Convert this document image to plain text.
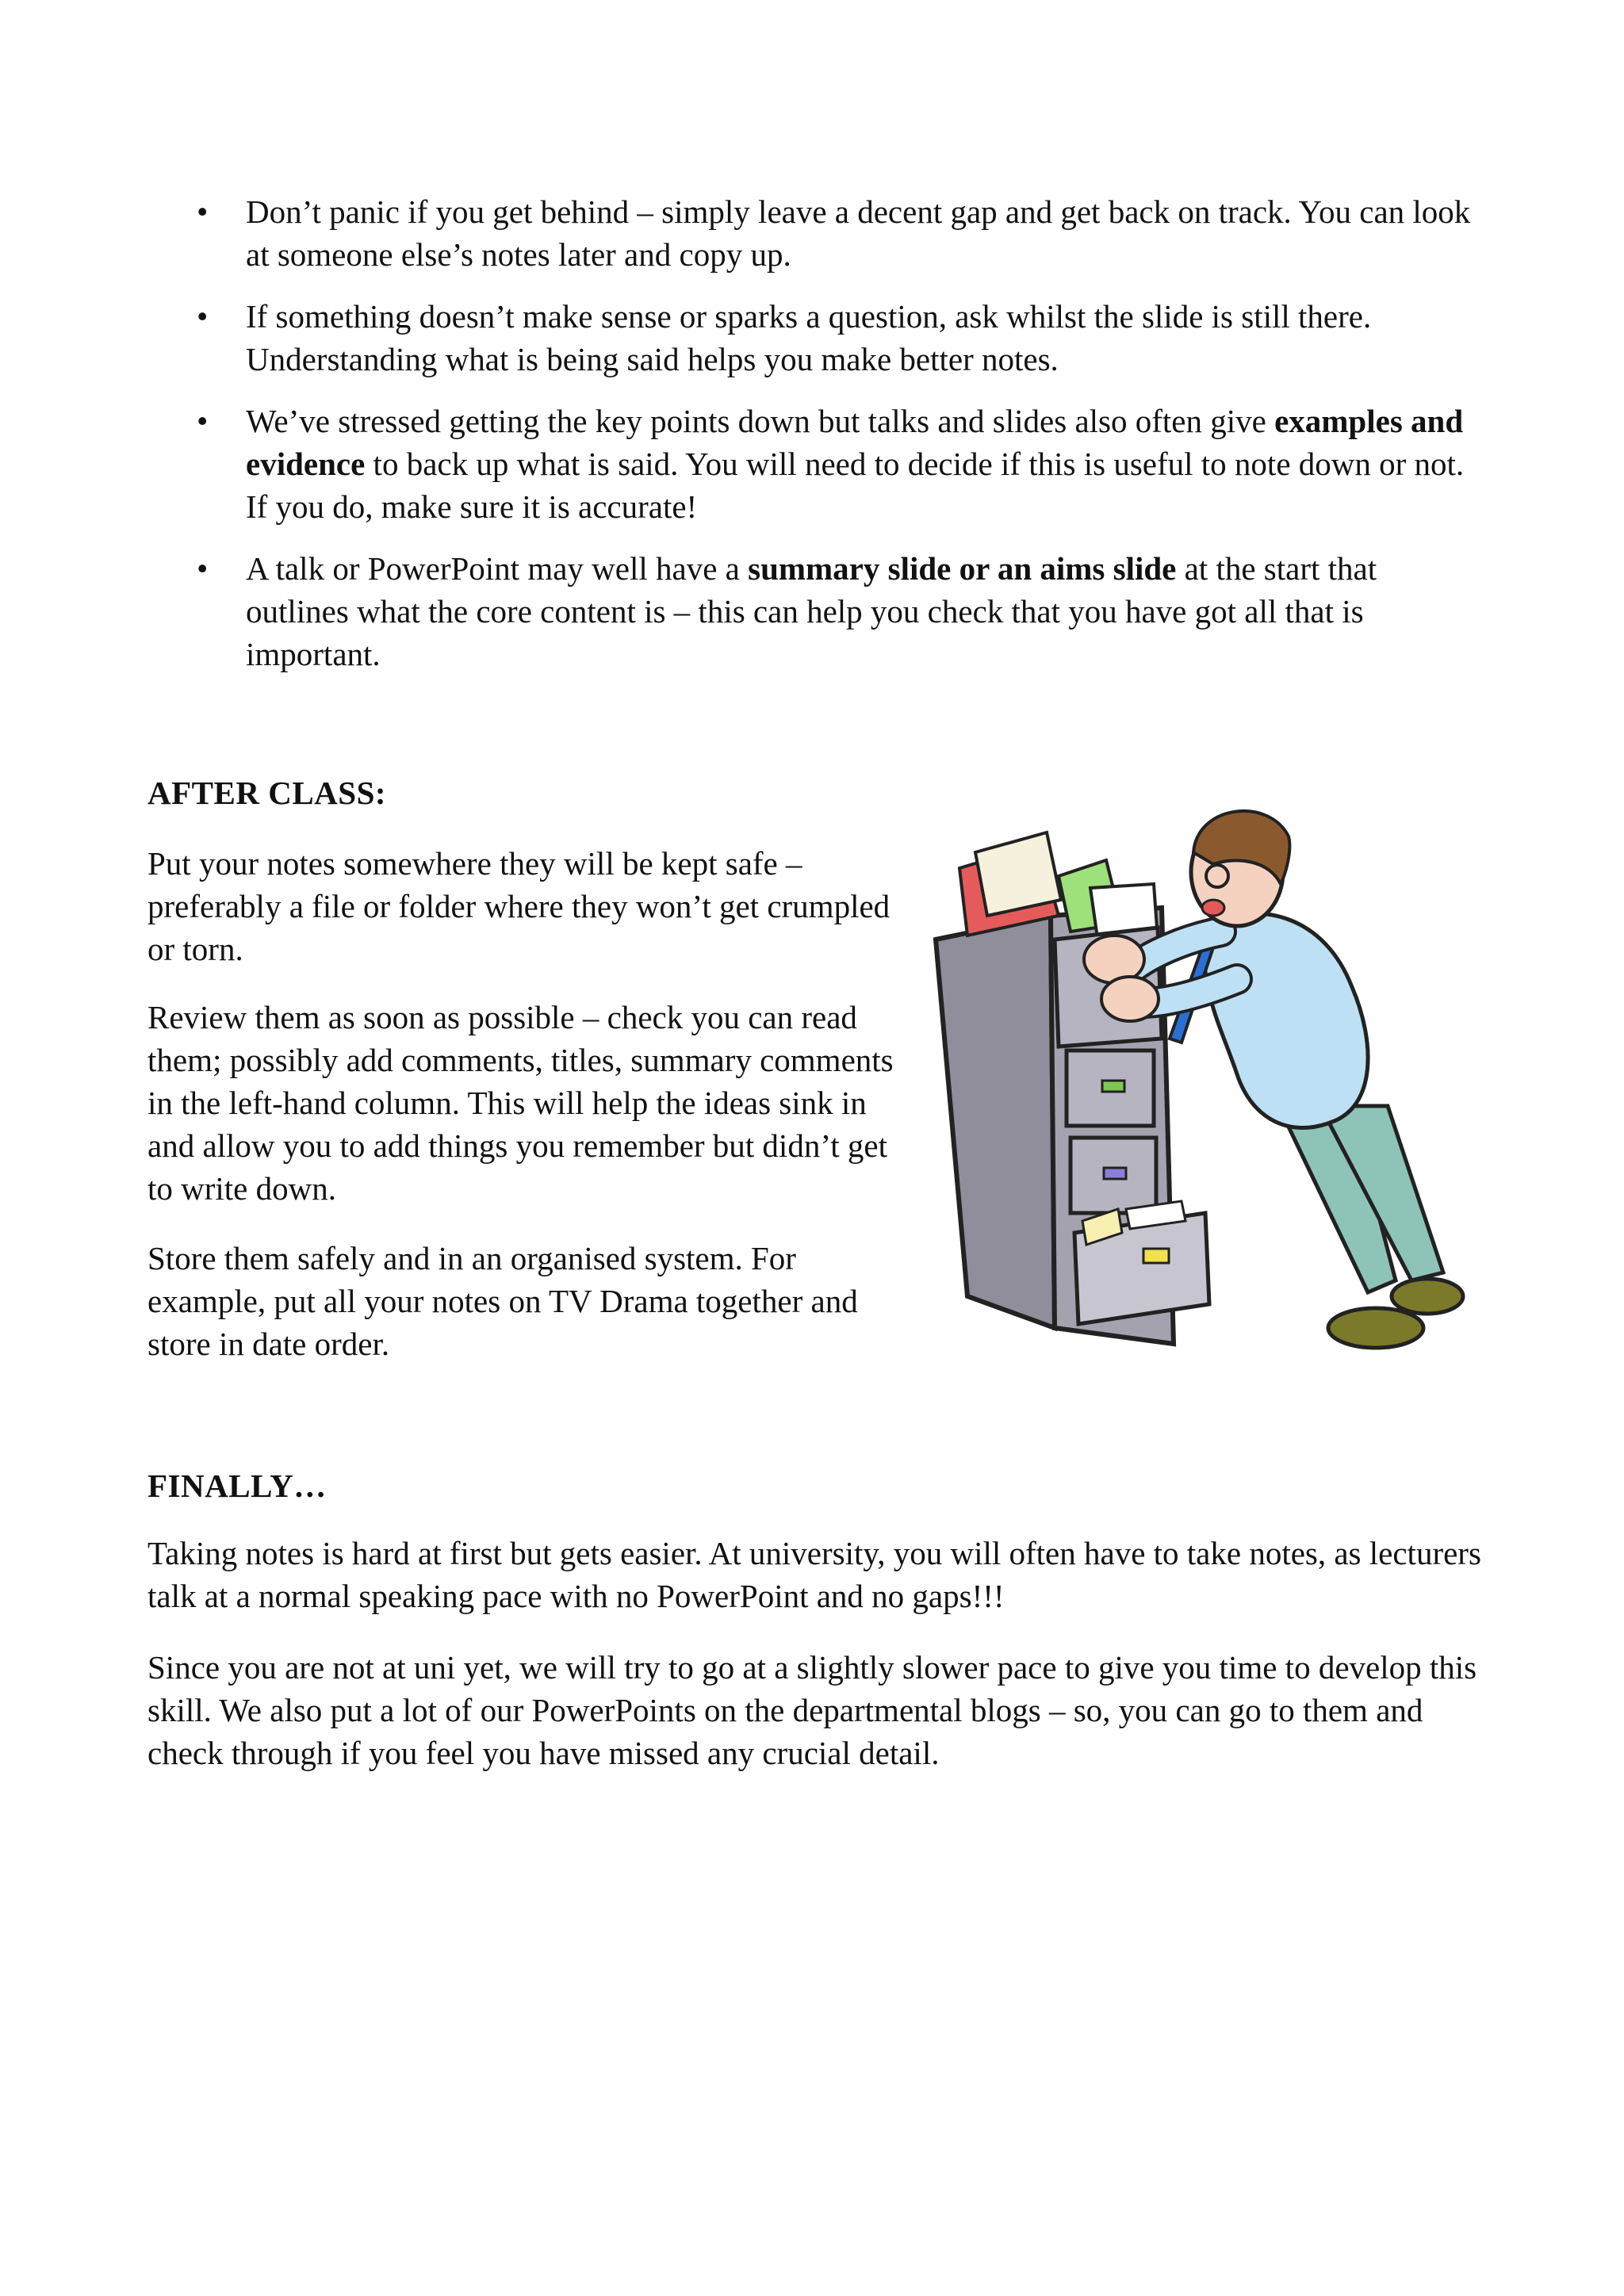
• Don’t panic if you get behind – simply leave a decent gap and get back on track. You can look at someone else’s notes later and copy up.
• If something doesn’t make sense or sparks a question, ask whilst the slide is still there. Understanding what is being said helps you make better notes.
• We’ve stressed getting the key points down but talks and slides also often give examples and evidence to back up what is said. You will need to decide if this is useful to note down or not. If you do, make sure it is accurate!
• A talk or PowerPoint may well have a summary slide or an aims slide at the start that outlines what the core content is – this can help you check that you have got all that is important.
AFTER CLASS:

Put your notes somewhere they will be kept safe – preferably a file or folder where they won’t get crumpled or torn.

Review them as soon as possible – check you can read them; possibly add comments, titles, summary comments in the left-hand column. This will help the ideas sink in and allow you to add things you remember but didn’t get to write down.

Store them safely and in an organised system. For example, put all your notes on TV Drama together and store in date order.

FINALLY…

Taking notes is hard at first but gets easier. At university, you will often have to take notes, as lecturers talk at a normal speaking pace with no PowerPoint and no gaps!!!

Since you are not at uni yet, we will try to go at a slightly slower pace to give you time to develop this skill. We also put a lot of our PowerPoints on the departmental blogs – so, you can go to them and check through if you feel you have missed any crucial detail.
